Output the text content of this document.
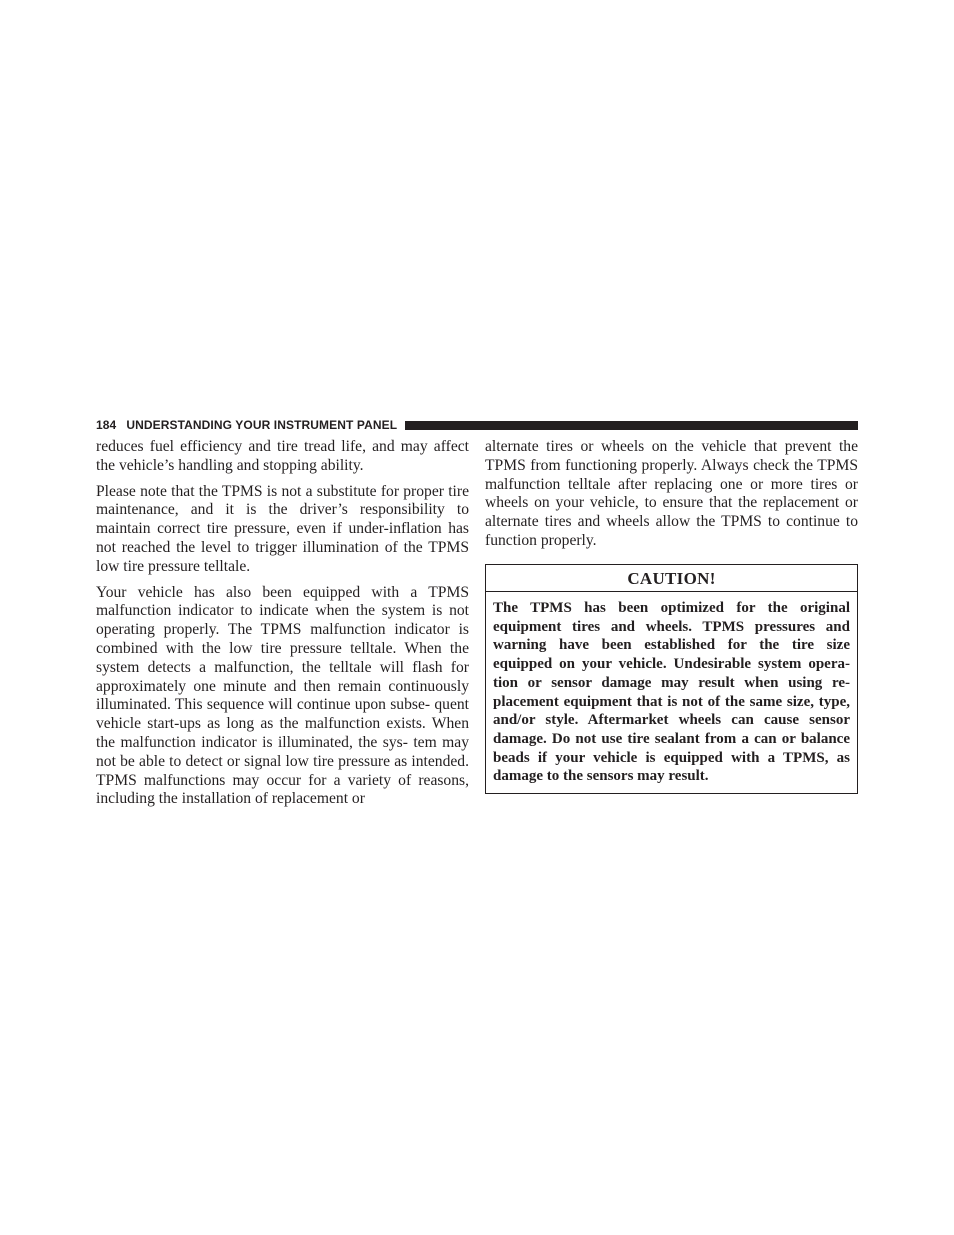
184 UNDERSTANDING YOUR INSTRUMENT PANEL

reduces fuel efficiency and tire tread life, and may affect the vehicle’s handling and stopping ability.

Please note that the TPMS is not a substitute for proper tire maintenance, and it is the driver’s responsibility to maintain correct tire pressure, even if under-inflation has not reached the level to trigger illumination of the TPMS low tire pressure telltale.

Your vehicle has also been equipped with a TPMS malfunction indicator to indicate when the system is not operating properly. The TPMS malfunction indicator is combined with the low tire pressure telltale. When the system detects a malfunction, the telltale will flash for approximately one minute and then remain continuously illuminated. This sequence will continue upon subse- quent vehicle start-ups as long as the malfunction exists. When the malfunction indicator is illuminated, the sys- tem may not be able to detect or signal low tire pressure as intended. TPMS malfunctions may occur for a variety of reasons, including the installation of replacement or

alternate tires or wheels on the vehicle that prevent the TPMS from functioning properly. Always check the TPMS malfunction telltale after replacing one or more tires or wheels on your vehicle, to ensure that the replacement or alternate tires and wheels allow the TPMS to continue to function properly.

CAUTION!
The TPMS has been optimized for the original equipment tires and wheels. TPMS pressures and warning have been established for the tire size equipped on your vehicle. Undesirable system opera- tion or sensor damage may result when using re- placement equipment that is not of the same size, type, and/or style. Aftermarket wheels can cause sensor damage. Do not use tire sealant from a can or balance beads if your vehicle is equipped with a TPMS, as damage to the sensors may result.
